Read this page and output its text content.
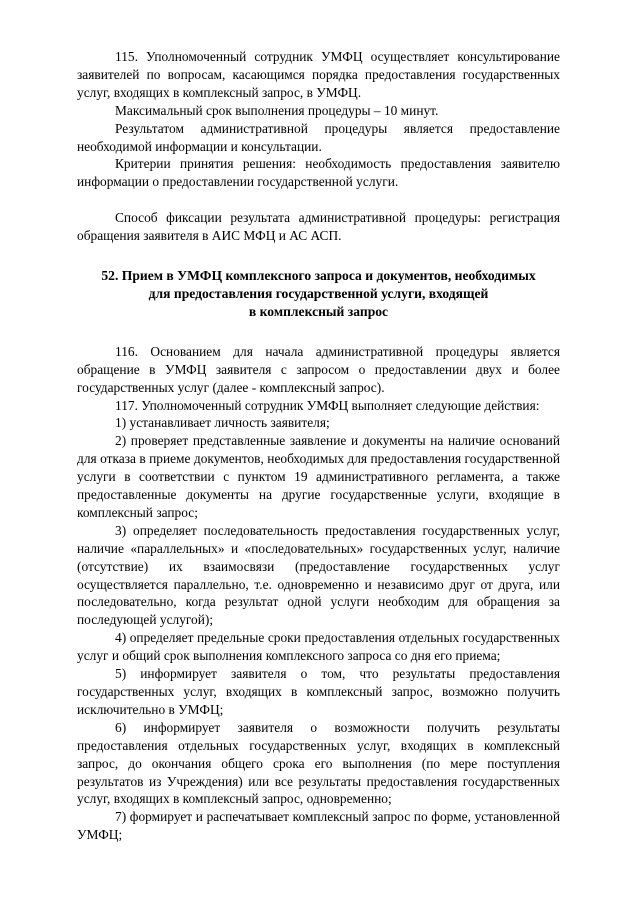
115. Уполномоченный сотрудник УМФЦ осуществляет консультирование заявителей по вопросам, касающимся порядка предоставления государственных услуг, входящих в комплексный запрос, в УМФЦ.

Максимальный срок выполнения процедуры – 10 минут.

Результатом административной процедуры является предоставление необходимой информации и консультации.

Критерии принятия решения: необходимость предоставления заявителю информации о предоставлении государственной услуги.

Способ фиксации результата административной процедуры: регистрация обращения заявителя в АИС МФЦ и АС АСП.

52. Прием в УМФЦ комплексного запроса и документов, необходимых
для предоставления государственной услуги, входящей
в комплексный запрос

116. Основанием для начала административной процедуры является обращение в УМФЦ заявителя с запросом о предоставлении двух и более государственных услуг (далее - комплексный запрос).

117. Уполномоченный сотрудник УМФЦ выполняет следующие действия:

1) устанавливает личность заявителя;

2) проверяет представленные заявление и документы на наличие оснований для отказа в приеме документов, необходимых для предоставления государственной услуги в соответствии с пунктом 19 административного регламента, а также предоставленные документы на другие государственные услуги, входящие в комплексный запрос;

3) определяет последовательность предоставления государственных услуг, наличие «параллельных» и «последовательных» государственных услуг, наличие (отсутствие) их взаимосвязи (предоставление государственных услуг осуществляется параллельно, т.е. одновременно и независимо друг от друга, или последовательно, когда результат одной услуги необходим для обращения за последующей услугой);

4) определяет предельные сроки предоставления отдельных государственных услуг и общий срок выполнения комплексного запроса со дня его приема;

5) информирует заявителя о том, что результаты предоставления государственных услуг, входящих в комплексный запрос, возможно получить исключительно в УМФЦ;

6) информирует заявителя о возможности получить результаты предоставления отдельных государственных услуг, входящих в комплексный запрос, до окончания общего срока его выполнения (по мере поступления результатов из Учреждения) или все результаты предоставления государственных услуг, входящих в комплексный запрос, одновременно;

7) формирует и распечатывает комплексный запрос по форме, установленной УМФЦ;
